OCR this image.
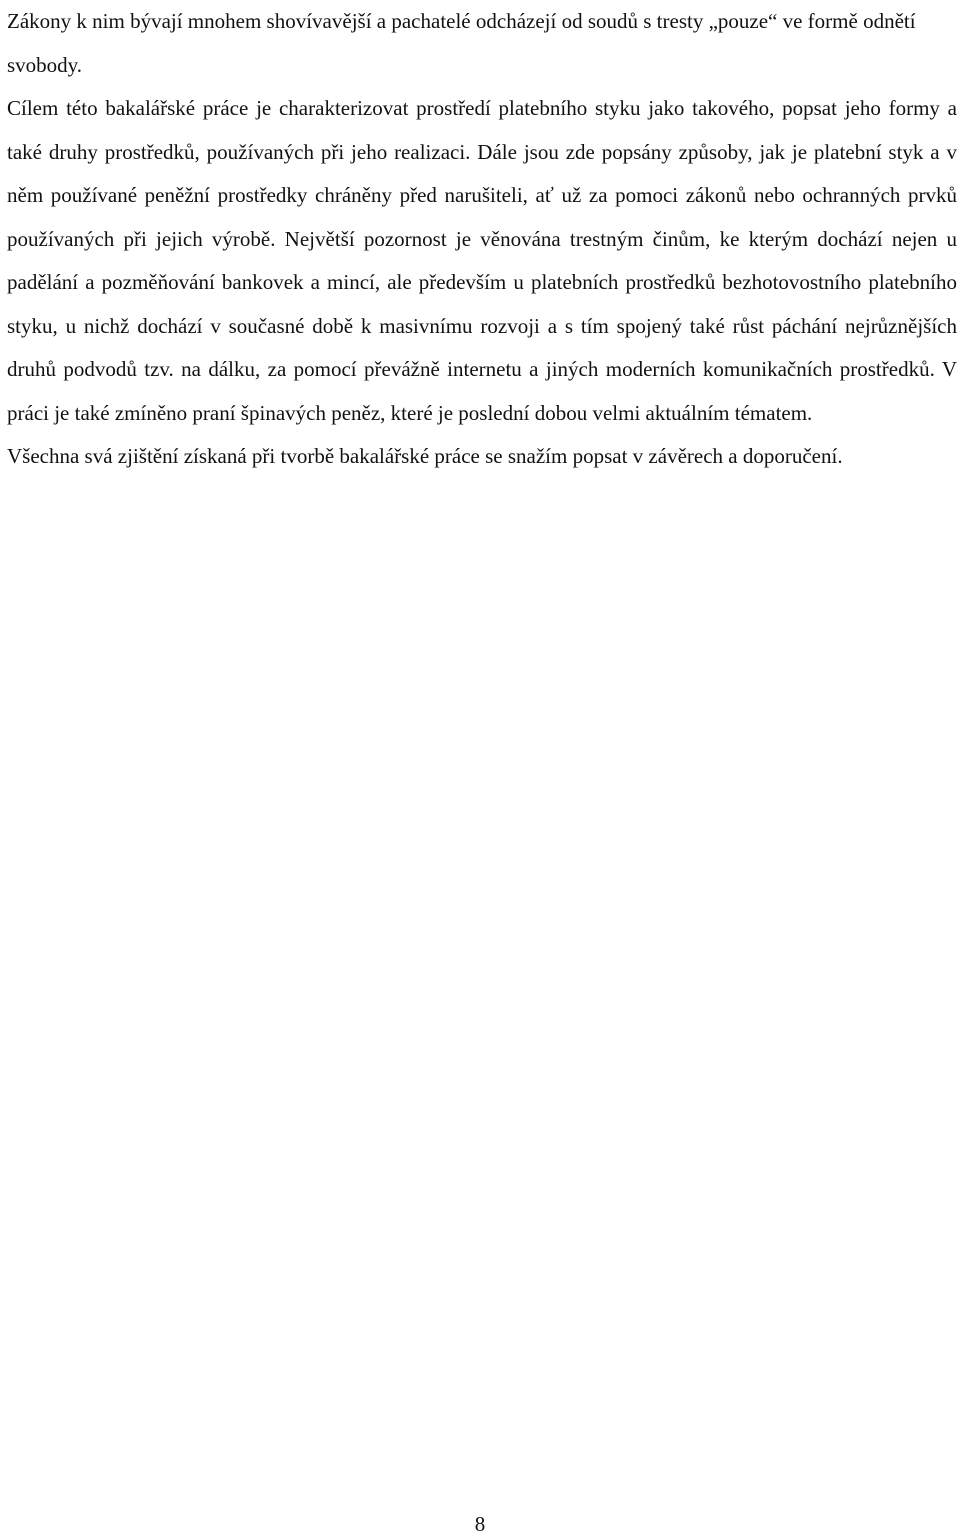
Zákony k nim bývají mnohem shovívavější a pachatelé odcházejí od soudů s tresty „pouze“ ve formě odnětí svobody.

Cílem této bakalářské práce je charakterizovat prostředí platebního styku jako takového, popsat jeho formy a také druhy prostředků, používaných při jeho realizaci. Dále jsou zde popsány způsoby, jak je platební styk a v něm používané peněžní prostředky chráněny před narušiteli, ať už za pomoci zákonů nebo ochranných prvků používaných při jejich výrobě. Největší pozornost je věnována trestným činům, ke kterým dochází nejen u padělání a pozměňování bankovek a mincí, ale především u platebních prostředků bezhotovostního platebního styku, u nichž dochází v současné době k masivnímu rozvoji a s tím spojený také růst páchání nejrůznějších druhů podvodů tzv. na dálku, za pomocí převážně internetu a jiných moderních komunikačních prostředků. V práci je také zmíněno praní špinavých peněz, které je poslední dobou velmi aktuálním tématem.

Všechna svá zjištění získaná při tvorbě bakalářské práce se snažím popsat v závěrech a doporučení.

8
